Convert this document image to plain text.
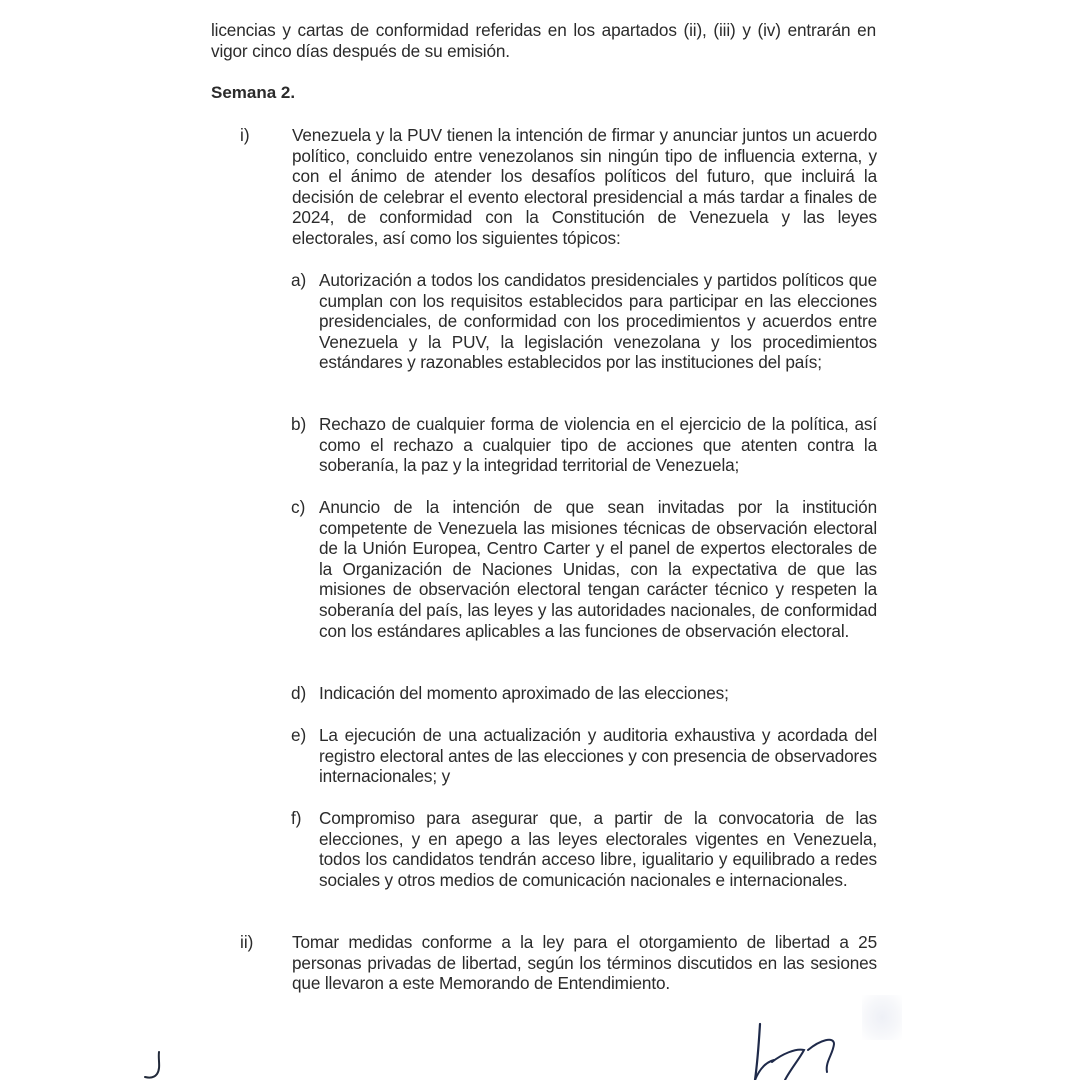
licencias y cartas de conformidad referidas en los apartados (ii), (iii) y (iv) entrarán en vigor cinco días después de su emisión.
Semana 2.
i) Venezuela y la PUV tienen la intención de firmar y anunciar juntos un acuerdo político, concluido entre venezolanos sin ningún tipo de influencia externa, y con el ánimo de atender los desafíos políticos del futuro, que incluirá la decisión de celebrar el evento electoral presidencial a más tardar a finales de 2024, de conformidad con la Constitución de Venezuela y las leyes electorales, así como los siguientes tópicos:
a) Autorización a todos los candidatos presidenciales y partidos políticos que cumplan con los requisitos establecidos para participar en las elecciones presidenciales, de conformidad con los procedimientos y acuerdos entre Venezuela y la PUV, la legislación venezolana y los procedimientos estándares y razonables establecidos por las instituciones del país;
b) Rechazo de cualquier forma de violencia en el ejercicio de la política, así como el rechazo a cualquier tipo de acciones que atenten contra la soberanía, la paz y la integridad territorial de Venezuela;
c) Anuncio de la intención de que sean invitadas por la institución competente de Venezuela las misiones técnicas de observación electoral de la Unión Europea, Centro Carter y el panel de expertos electorales de la Organización de Naciones Unidas, con la expectativa de que las misiones de observación electoral tengan carácter técnico y respeten la soberanía del país, las leyes y las autoridades nacionales, de conformidad con los estándares aplicables a las funciones de observación electoral.
d) Indicación del momento aproximado de las elecciones;
e) La ejecución de una actualización y auditoria exhaustiva y acordada del registro electoral antes de las elecciones y con presencia de observadores internacionales; y
f) Compromiso para asegurar que, a partir de la convocatoria de las elecciones, y en apego a las leyes electorales vigentes en Venezuela, todos los candidatos tendrán acceso libre, igualitario y equilibrado a redes sociales y otros medios de comunicación nacionales e internacionales.
ii) Tomar medidas conforme a la ley para el otorgamiento de libertad a 25 personas privadas de libertad, según los términos discutidos en las sesiones que llevaron a este Memorando de Entendimiento.
